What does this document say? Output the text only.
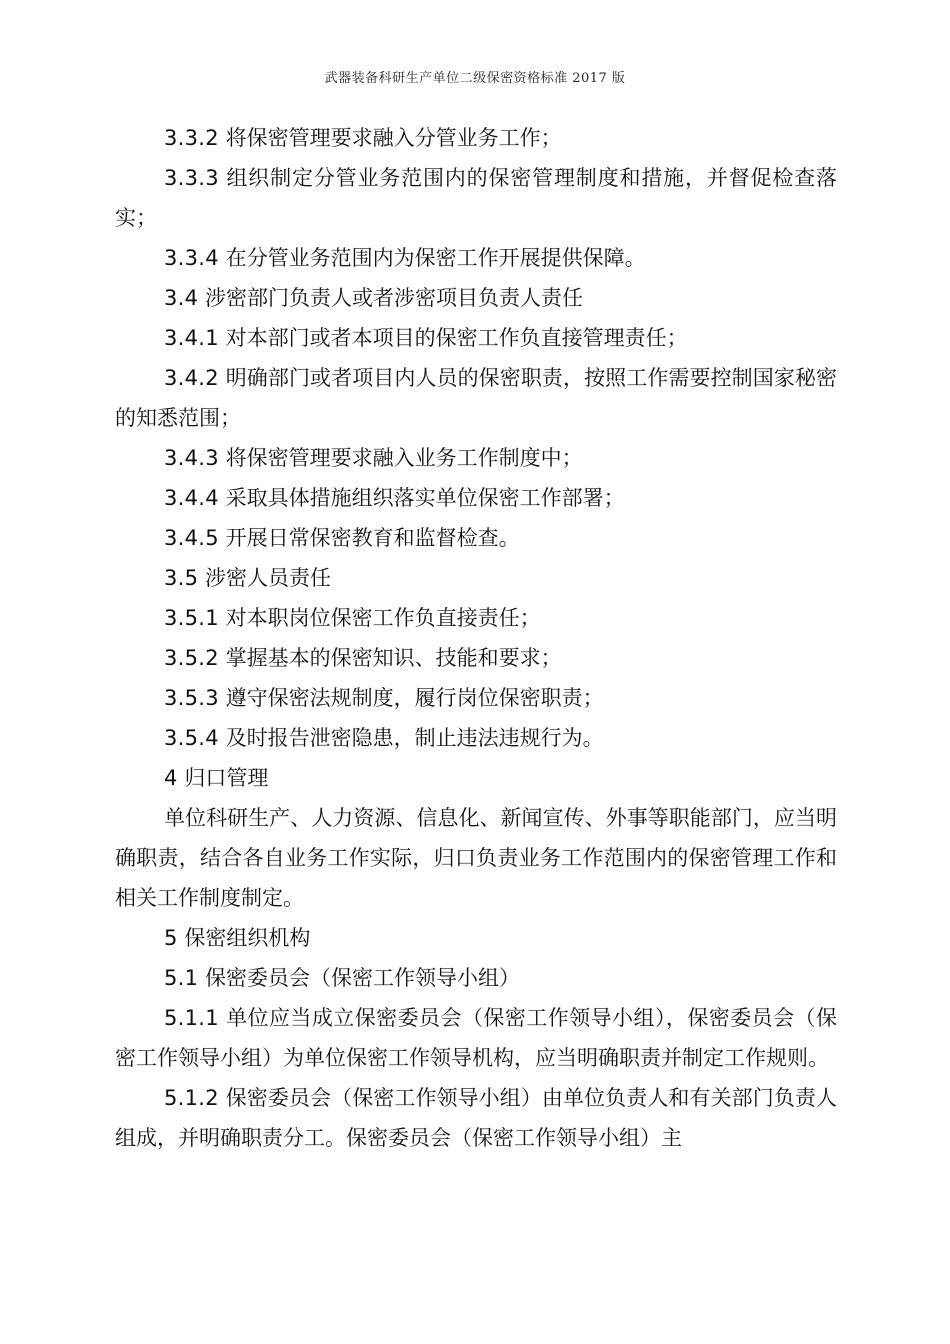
武器装备科研生产单位二级保密资格标准 2017 版

3.3.2 将保密管理要求融入分管业务工作；

3.3.3 组织制定分管业务范围内的保密管理制度和措施，并督促检查落实；

3.3.4 在分管业务范围内为保密工作开展提供保障。

3.4 涉密部门负责人或者涉密项目负责人责任

3.4.1 对本部门或者本项目的保密工作负直接管理责任；

3.4.2 明确部门或者项目内人员的保密职责，按照工作需要控制国家秘密的知悉范围；

3.4.3 将保密管理要求融入业务工作制度中；

3.4.4 采取具体措施组织落实单位保密工作部署；

3.4.5 开展日常保密教育和监督检查。

3.5 涉密人员责任

3.5.1 对本职岗位保密工作负直接责任；

3.5.2 掌握基本的保密知识、技能和要求；

3.5.3 遵守保密法规制度，履行岗位保密职责；

3.5.4 及时报告泄密隐患，制止违法违规行为。

4 归口管理

单位科研生产、人力资源、信息化、新闻宣传、外事等职能部门，应当明确职责，结合各自业务工作实际，归口负责业务工作范围内的保密管理工作和相关工作制度制定。

5 保密组织机构

5.1 保密委员会（保密工作领导小组）

5.1.1 单位应当成立保密委员会（保密工作领导小组），保密委员会（保密工作领导小组）为单位保密工作领导机构，应当明确职责并制定工作规则。

5.1.2 保密委员会（保密工作领导小组）由单位负责人和有关部门负责人组成，并明确职责分工。保密委员会（保密工作领导小组）主
